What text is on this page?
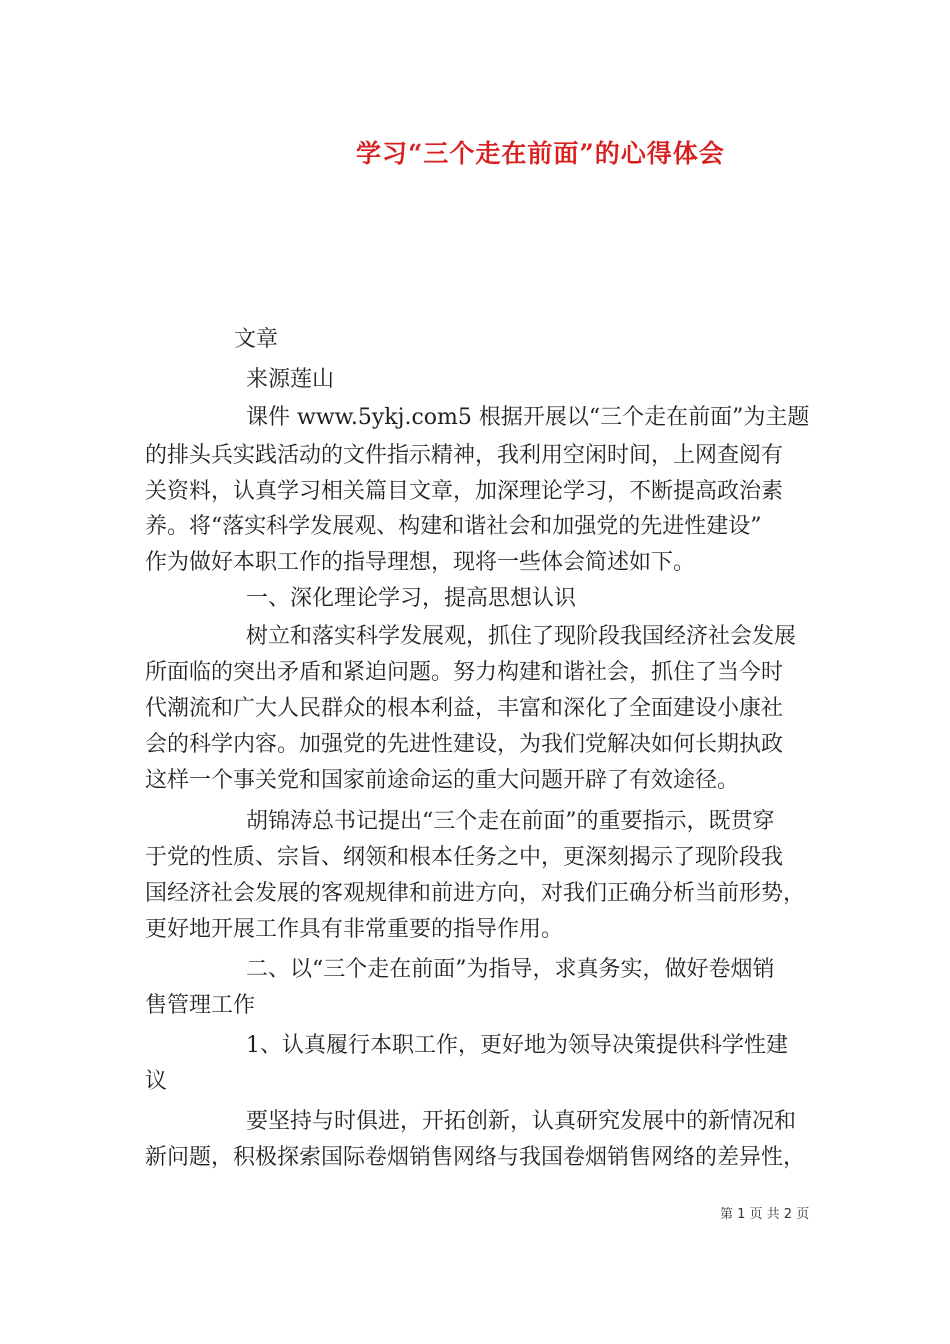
学习“三个走在前面”的心得体会

文章

来源莲山

课件 www.5ykj.com5 根据开展以“三个走在前面”为主题

的排头兵实践活动的文件指示精神，我利用空闲时间，上网查阅有

关资料，认真学习相关篇目文章，加深理论学习，不断提高政治素

养。将“落实科学发展观、构建和谐社会和加强党的先进性建设”

作为做好本职工作的指导理想，现将一些体会简述如下。

一、深化理论学习，提高思想认识

树立和落实科学发展观，抓住了现阶段我国经济社会发展

所面临的突出矛盾和紧迫问题。努力构建和谐社会，抓住了当今时

代潮流和广大人民群众的根本利益，丰富和深化了全面建设小康社

会的科学内容。加强党的先进性建设，为我们党解决如何长期执政

这样一个事关党和国家前途命运的重大问题开辟了有效途径。

胡锦涛总书记提出“三个走在前面”的重要指示，既贯穿

于党的性质、宗旨、纲领和根本任务之中，更深刻揭示了现阶段我

国经济社会发展的客观规律和前进方向，对我们正确分析当前形势，

更好地开展工作具有非常重要的指导作用。

二、以“三个走在前面”为指导，求真务实，做好卷烟销

售管理工作

1、认真履行本职工作，更好地为领导决策提供科学性建

议

要坚持与时俱进，开拓创新，认真研究发展中的新情况和

新问题，积极探索国际卷烟销售网络与我国卷烟销售网络的差异性，

第 1 页 共 2 页
